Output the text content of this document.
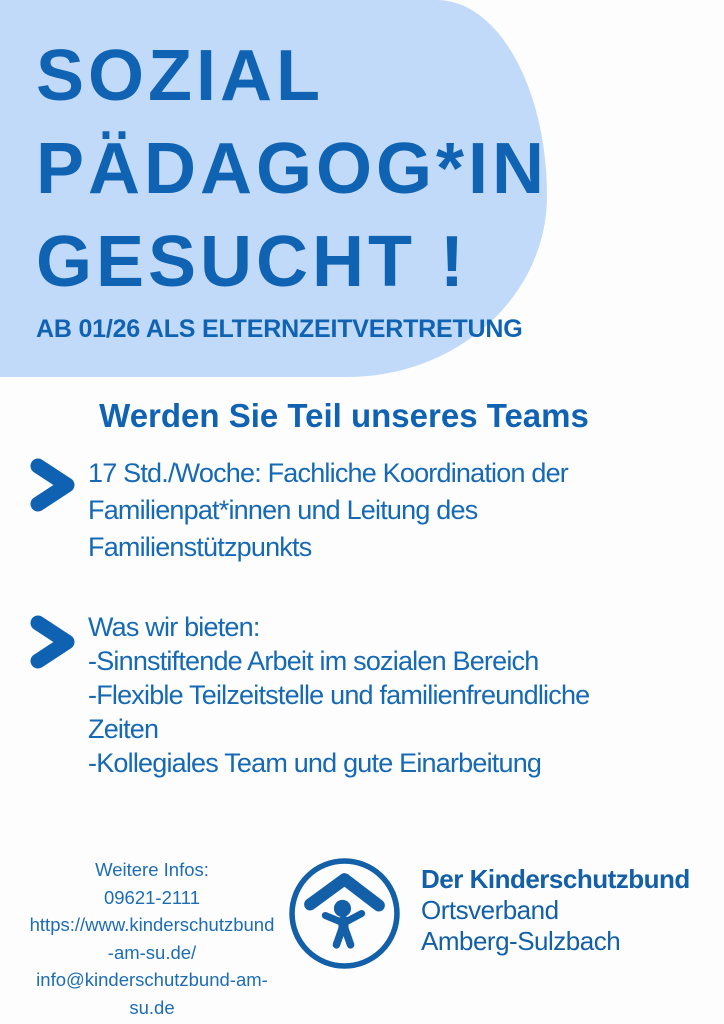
SOZIAL
PÄDAGOG*IN
GESUCHT !
AB 01/26 ALS ELTERNZEITVERTRETUNG
Werden Sie Teil unseres Teams
17 Std./Woche: Fachliche Koordination der
Familienpat*innen und Leitung des
Familienstützpunkts
Was wir bieten:
-Sinnstiftende Arbeit im sozialen Bereich
-Flexible Teilzeitstelle und familienfreundliche
Zeiten
-Kollegiales Team und gute Einarbeitung
Weitere Infos:
09621-2111
https://www.kinderschutzbund
-am-su.de/
info@kinderschutzbund-am-
su.de
Der Kinderschutzbund
Ortsverband
Amberg-Sulzbach
